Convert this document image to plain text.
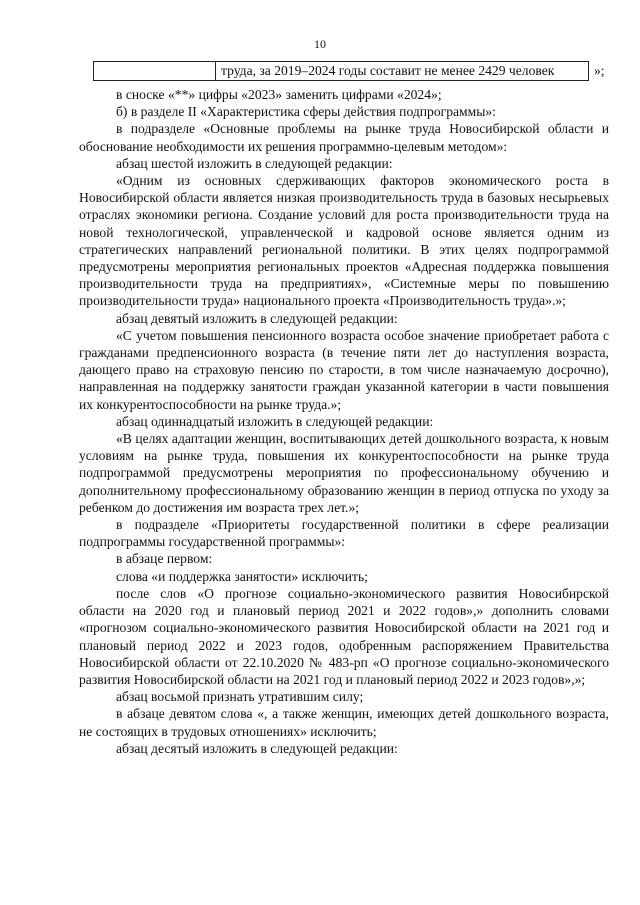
10
труда, за 2019–2024 годы составит не менее 2429 человек	»;

в сноске «**» цифры «2023» заменить цифрами «2024»;

б) в разделе II «Характеристика сферы действия подпрограммы»:

в подразделе «Основные проблемы на рынке труда Новосибирской области и обоснование необходимости их решения программно-целевым методом»:

абзац шестой изложить в следующей редакции:

«Одним из основных сдерживающих факторов экономического роста в Новосибирской области является низкая производительность труда в базовых несырьевых отраслях экономики региона. Создание условий для роста производительности труда на новой технологической, управленческой и кадровой основе является одним из стратегических направлений региональной политики. В этих целях подпрограммой предусмотрены мероприятия региональных проектов «Адресная поддержка повышения производительности труда на предприятиях», «Системные меры по повышению производительности труда» национального проекта «Производительность труда».»;

абзац девятый изложить в следующей редакции:

«С учетом повышения пенсионного возраста особое значение приобретает работа с гражданами предпенсионного возраста (в течение пяти лет до наступления возраста, дающего право на страховую пенсию по старости, в том числе назначаемую досрочно), направленная на поддержку занятости граждан указанной категории в части повышения их конкурентоспособности на рынке труда.»;

абзац одиннадцатый изложить в следующей редакции:

«В целях адаптации женщин, воспитывающих детей дошкольного возраста, к новым условиям на рынке труда, повышения их конкурентоспособности на рынке труда подпрограммой предусмотрены мероприятия по профессиональному обучению и дополнительному профессиональному образованию женщин в период отпуска по уходу за ребенком до достижения им возраста трех лет.»;

в подразделе «Приоритеты государственной политики в сфере реализации подпрограммы государственной программы»:

в абзаце первом:

слова «и поддержка занятости» исключить;

после слов «О прогнозе социально-экономического развития Новосибирской области на 2020 год и плановый период 2021 и 2022 годов»,» дополнить словами «прогнозом социально-экономического развития Новосибирской области на 2021 год и плановый период 2022 и 2023 годов, одобренным распоряжением Правительства Новосибирской области от 22.10.2020 № 483-рп «О прогнозе социально-экономического развития Новосибирской области на 2021 год и плановый период 2022 и 2023 годов»,»;

абзац восьмой признать утратившим силу;

в абзаце девятом слова «, а также женщин, имеющих детей дошкольного возраста, не состоящих в трудовых отношениях» исключить;

абзац десятый изложить в следующей редакции:
